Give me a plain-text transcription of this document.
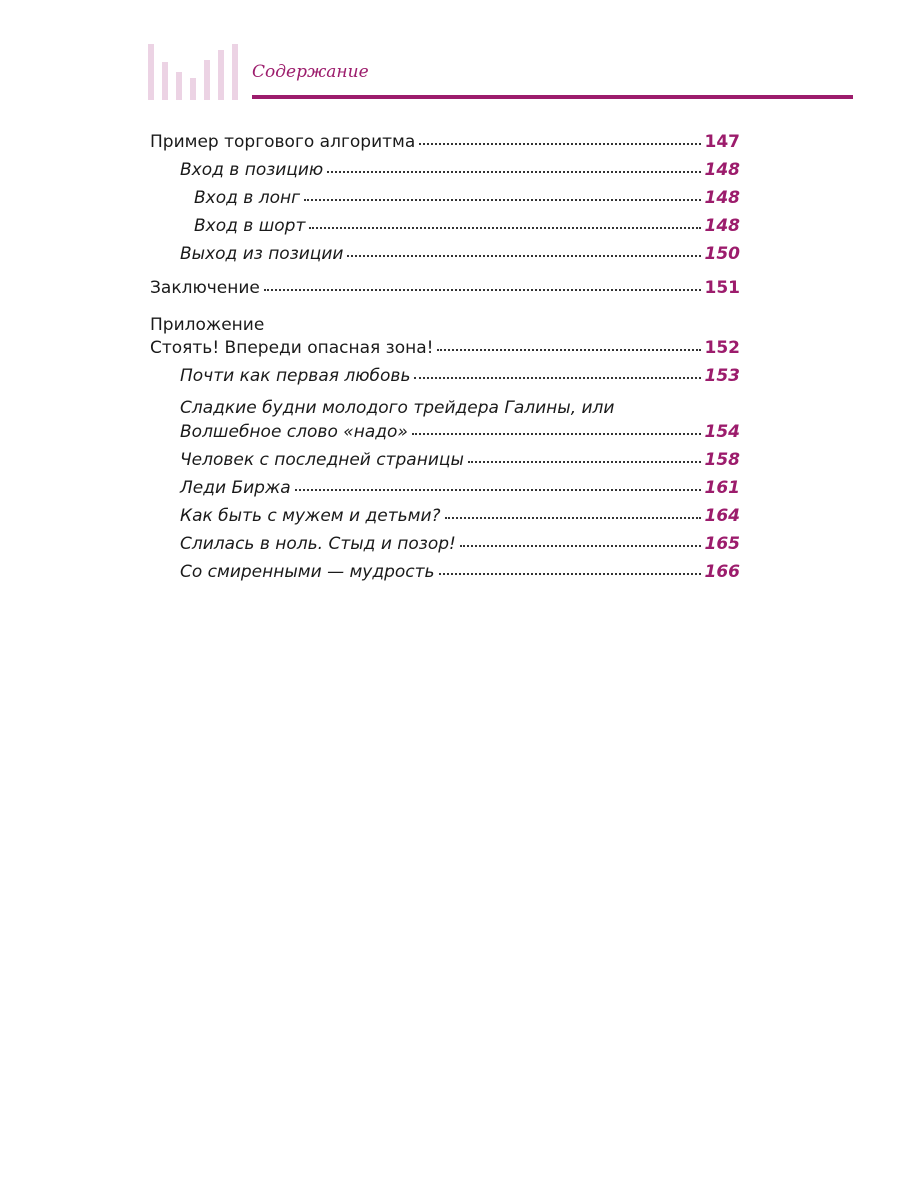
Содержание
Пример торгового алгоритма	147
Вход в позицию	148
Вход в лонг	148
Вход в шорт	148
Выход из позиции	150
Заключение	151
Приложение
Стоять! Впереди опасная зона!	152
Почти как первая любовь	153
Сладкие будни молодого трейдера Галины, или
Волшебное слово «надо»	154
Человек с последней страницы	158
Леди Биржа	161
Как быть с мужем и детьми?	164
Слилась в ноль. Стыд и позор!	165
Со смиренными — мудрость	166
